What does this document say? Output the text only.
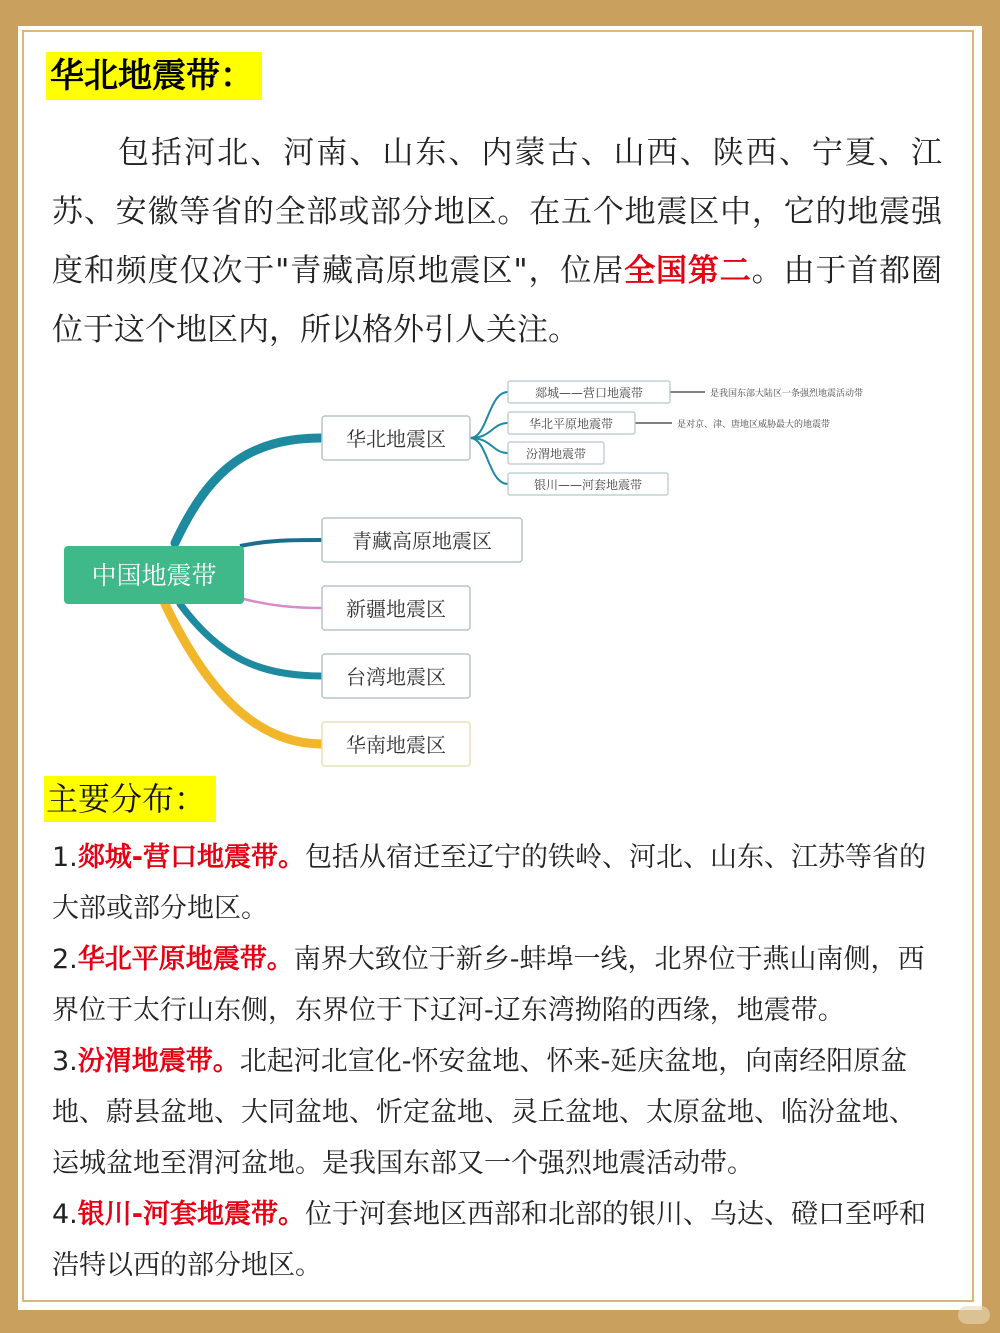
华北地震带：

包括河北、河南、山东、内蒙古、山西、陕西、宁夏、江苏、安徽等省的全部或部分地区。在五个地震区中，它的地震强度和频度仅次于"青藏高原地震区"，位居全国第二。由于首都圈位于这个地区内，所以格外引人关注。

中国地震带
华北地震区
青藏高原地震区
新疆地震区
台湾地震区
华南地震区
郯城——营口地震带
华北平原地震带
汾渭地震带
银川——河套地震带
是我国东部大陆区一条强烈地震活动带
是对京、津、唐地区威胁最大的地震带
主要分布：
1.郯城-营口地震带。包括从宿迁至辽宁的铁岭、河北、山东、江苏等省的大部或部分地区。
2.华北平原地震带。南界大致位于新乡-蚌埠一线，北界位于燕山南侧，西界位于太行山东侧，东界位于下辽河-辽东湾拗陷的西缘，地震带。
3.汾渭地震带。北起河北宣化-怀安盆地、怀来-延庆盆地，向南经阳原盆地、蔚县盆地、大同盆地、忻定盆地、灵丘盆地、太原盆地、临汾盆地、运城盆地至渭河盆地。是我国东部又一个强烈地震活动带。
4.银川-河套地震带。位于河套地区西部和北部的银川、乌达、磴口至呼和浩特以西的部分地区。
